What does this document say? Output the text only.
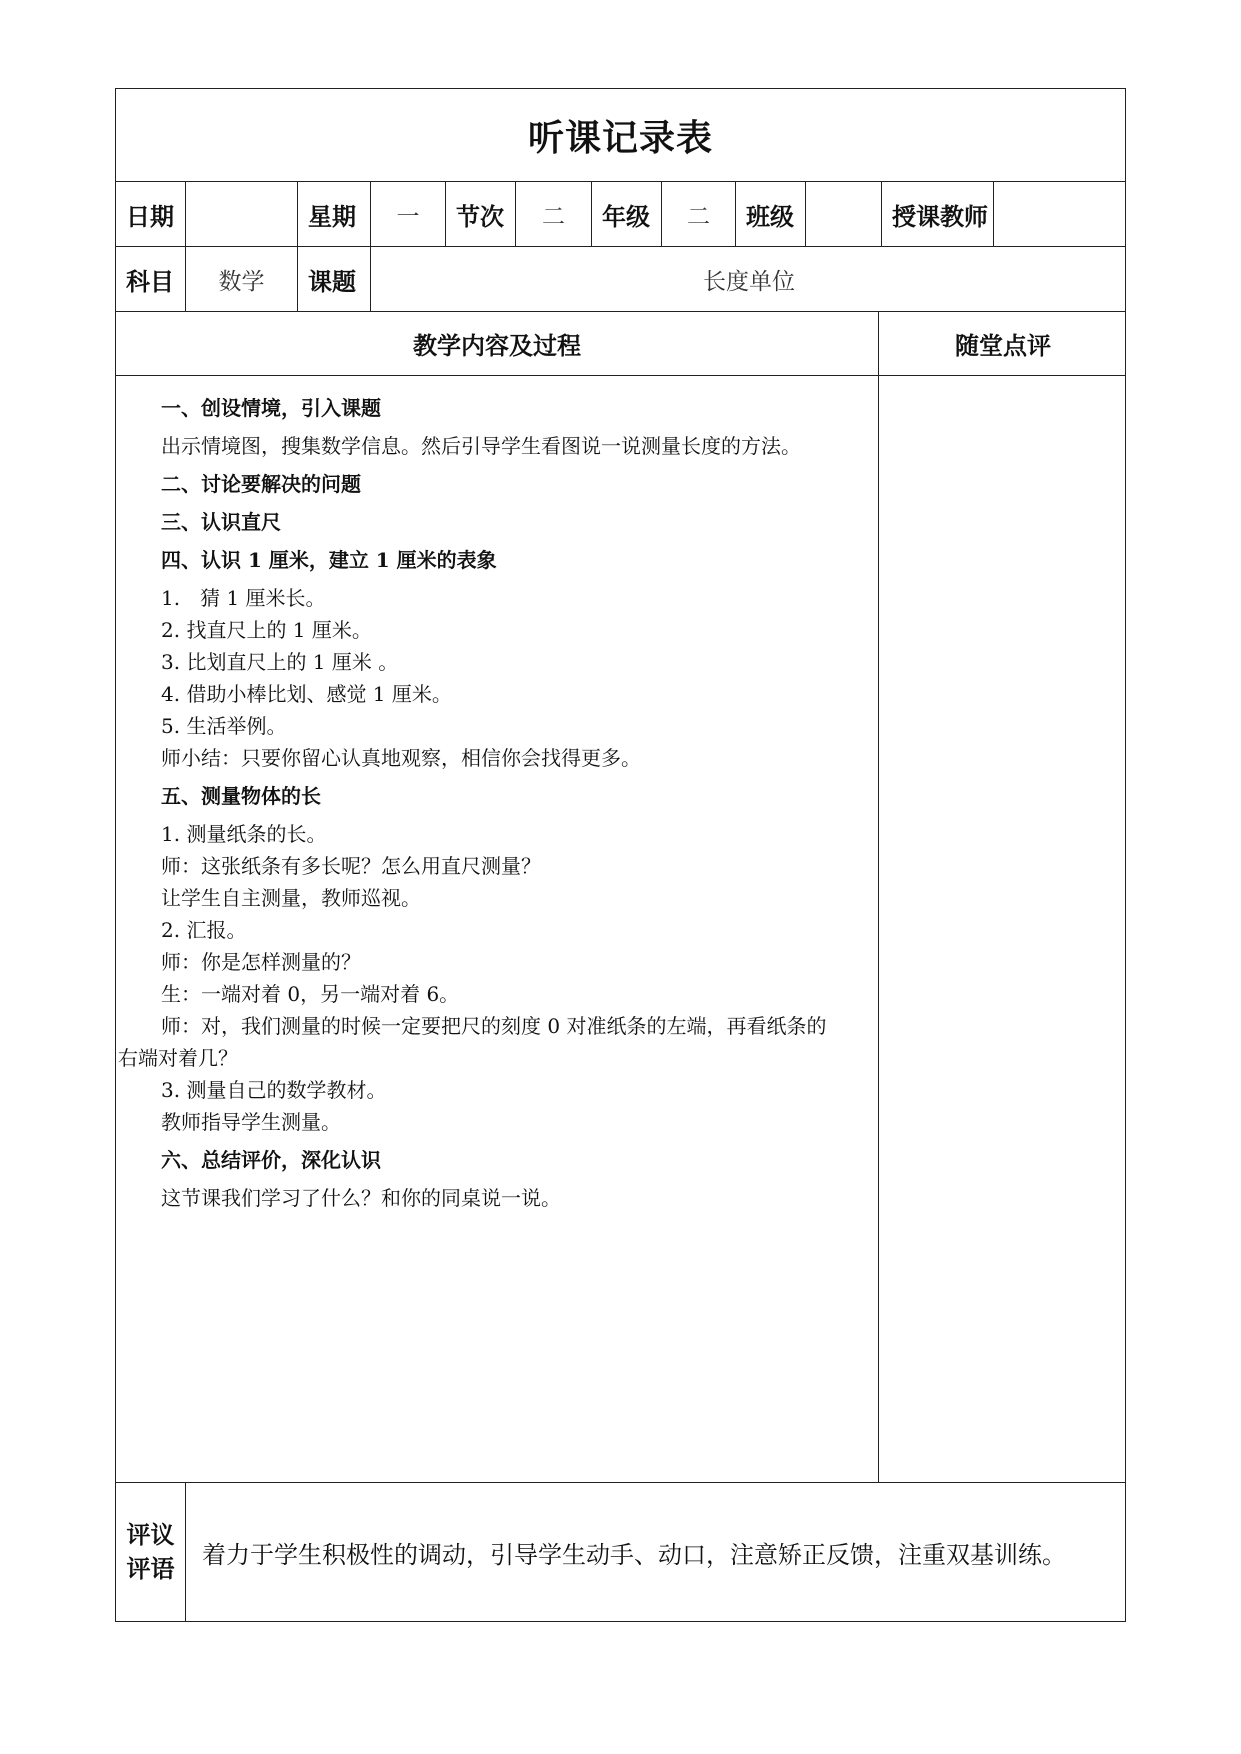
听课记录表
日期	星期 一 节次 二 年级 二 班级	授课教师
科目 数学 课题	长度单位
教学内容及过程	随堂点评
一、创设情境，引入课题
出示情境图，搜集数学信息。然后引导学生看图说一说测量长度的方法。
二、讨论要解决的问题
三、认识直尺
四、认识 1 厘米，建立 1 厘米的表象
1.　猜 1 厘米长。
2. 找直尺上的 1 厘米。
3. 比划直尺上的 1 厘米 。
4. 借助小棒比划、感觉 1 厘米。
5. 生活举例。
师小结：只要你留心认真地观察，相信你会找得更多。
五、测量物体的长
1. 测量纸条的长。
师：这张纸条有多长呢？怎么用直尺测量？
让学生自主测量，教师巡视。
2. 汇报。
师：你是怎样测量的？
生：一端对着 0，另一端对着 6。
师：对，我们测量的时候一定要把尺的刻度 0 对准纸条的左端，再看纸条的
右端对着几？
3. 测量自己的数学教材。
教师指导学生测量。
六、总结评价，深化认识
这节课我们学习了什么？和你的同桌说一说。
评议
评语 着力于学生积极性的调动，引导学生动手、动口，注意矫正反馈，注重双基训练。
